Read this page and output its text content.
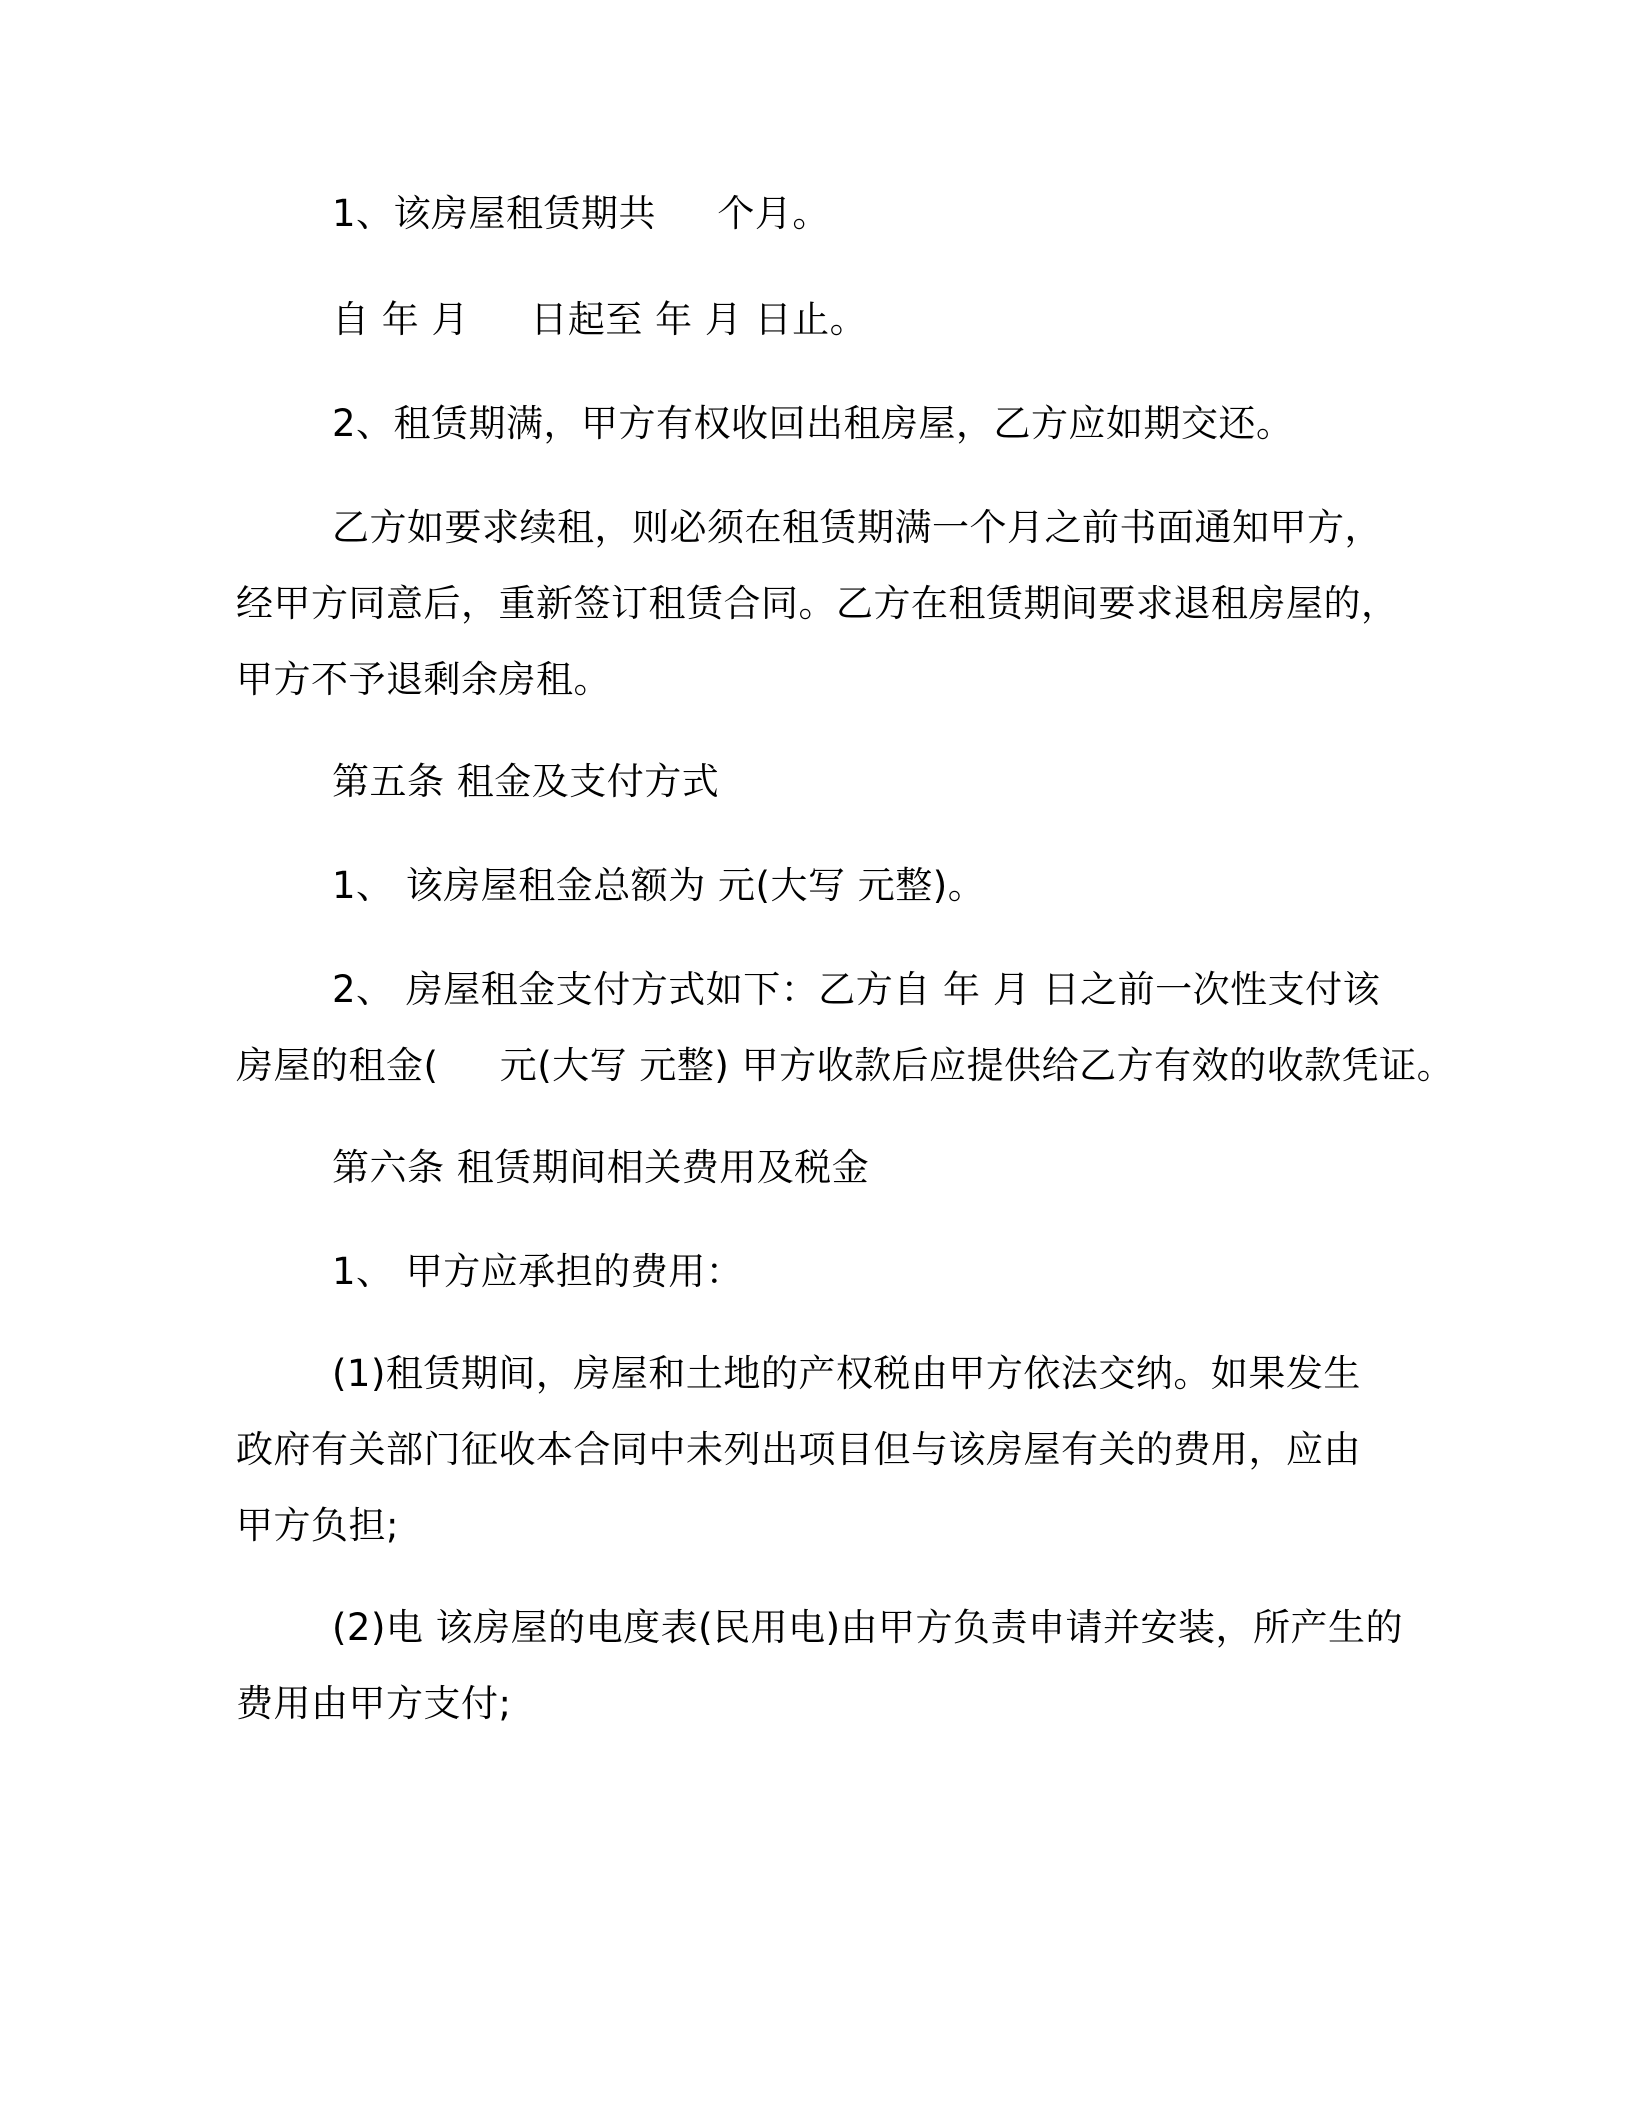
1、该房屋租赁期共     个月。

自 年 月     日起至 年 月 日止。

2、租赁期满，甲方有权收回出租房屋，乙方应如期交还。

乙方如要求续租，则必须在租赁期满一个月之前书面通知甲方，

经甲方同意后，重新签订租赁合同。乙方在租赁期间要求退租房屋的，

甲方不予退剩余房租。

第五条 租金及支付方式

1、 该房屋租金总额为 元(大写 元整)。

2、 房屋租金支付方式如下：乙方自 年 月 日之前一次性支付该

房屋的租金(     元(大写 元整) 甲方收款后应提供给乙方有效的收款凭证。

第六条 租赁期间相关费用及税金

1、 甲方应承担的费用：

(1)租赁期间，房屋和土地的产权税由甲方依法交纳。如果发生

政府有关部门征收本合同中未列出项目但与该房屋有关的费用，应由

甲方负担;

(2)电 该房屋的电度表(民用电)由甲方负责申请并安装，所产生的

费用由甲方支付;
